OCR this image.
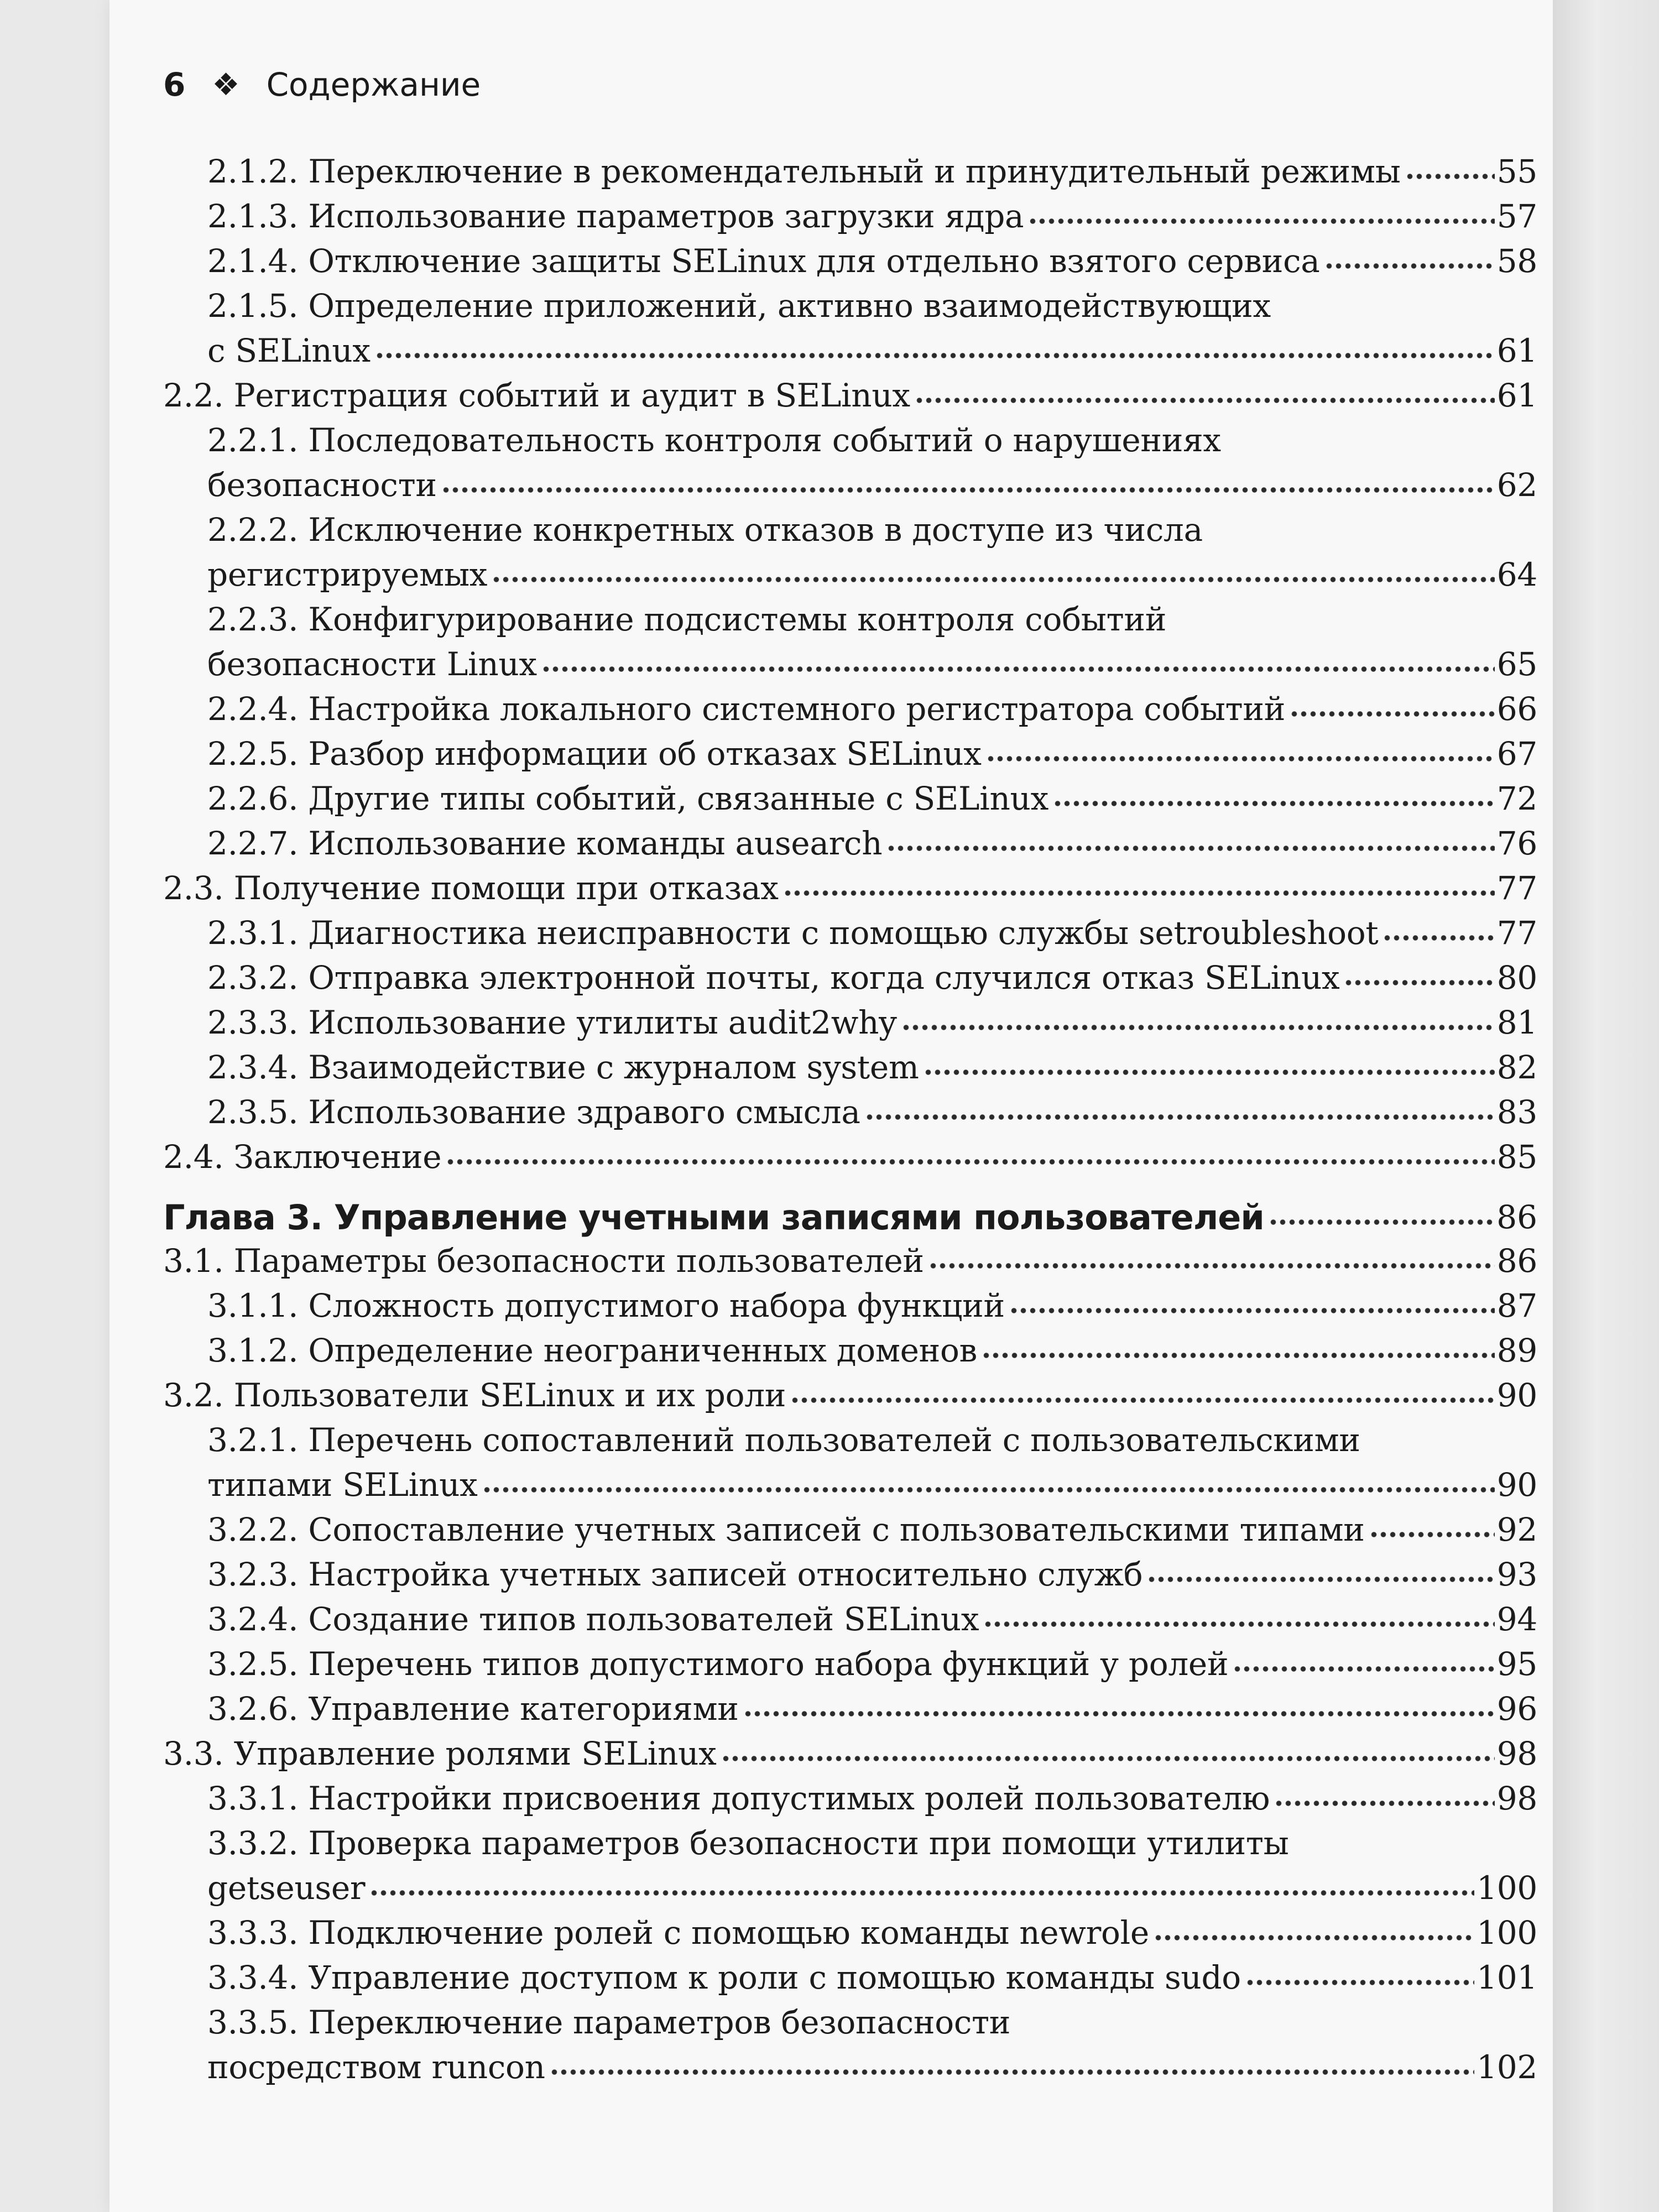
6 ❖ Содержание
2.1.2. Переключение в рекомендательный и принудительный режимы	55
2.1.3. Использование параметров загрузки ядра	57
2.1.4. Отключение защиты SELinux для отдельно взятого сервиса	58
2.1.5. Определение приложений, активно взаимодействующих
с SELinux	61
2.2. Регистрация событий и аудит в SELinux	61
2.2.1. Последовательность контроля событий о нарушениях
безопасности	62
2.2.2. Исключение конкретных отказов в доступе из числа
регистрируемых	64
2.2.3. Конфигурирование подсистемы контроля событий
безопасности Linux	65
2.2.4. Настройка локального системного регистратора событий	66
2.2.5. Разбор информации об отказах SELinux	67
2.2.6. Другие типы событий, связанные с SELinux	72
2.2.7. Использование команды ausearch	76
2.3. Получение помощи при отказах	77
2.3.1. Диагностика неисправности с помощью службы setroubleshoot	77
2.3.2. Отправка электронной почты, когда случился отказ SELinux	80
2.3.3. Использование утилиты audit2why	81
2.3.4. Взаимодействие с журналом system	82
2.3.5. Использование здравого смысла	83
2.4. Заключение	85
Глава 3. Управление учетными записями пользователей	86
3.1. Параметры безопасности пользователей	86
3.1.1. Сложность допустимого набора функций	87
3.1.2. Определение неограниченных доменов	89
3.2. Пользователи SELinux и их роли	90
3.2.1. Перечень сопоставлений пользователей с пользовательскими
типами SELinux	90
3.2.2. Сопоставление учетных записей с пользовательскими типами	92
3.2.3. Настройка учетных записей относительно служб	93
3.2.4. Создание типов пользователей SELinux	94
3.2.5. Перечень типов допустимого набора функций у ролей	95
3.2.6. Управление категориями	96
3.3. Управление ролями SELinux	98
3.3.1. Настройки присвоения допустимых ролей пользователю	98
3.3.2. Проверка параметров безопасности при помощи утилиты
getseuser	100
3.3.3. Подключение ролей с помощью команды newrole	100
3.3.4. Управление доступом к роли с помощью команды sudo	101
3.3.5. Переключение параметров безопасности
посредством runcon	102
